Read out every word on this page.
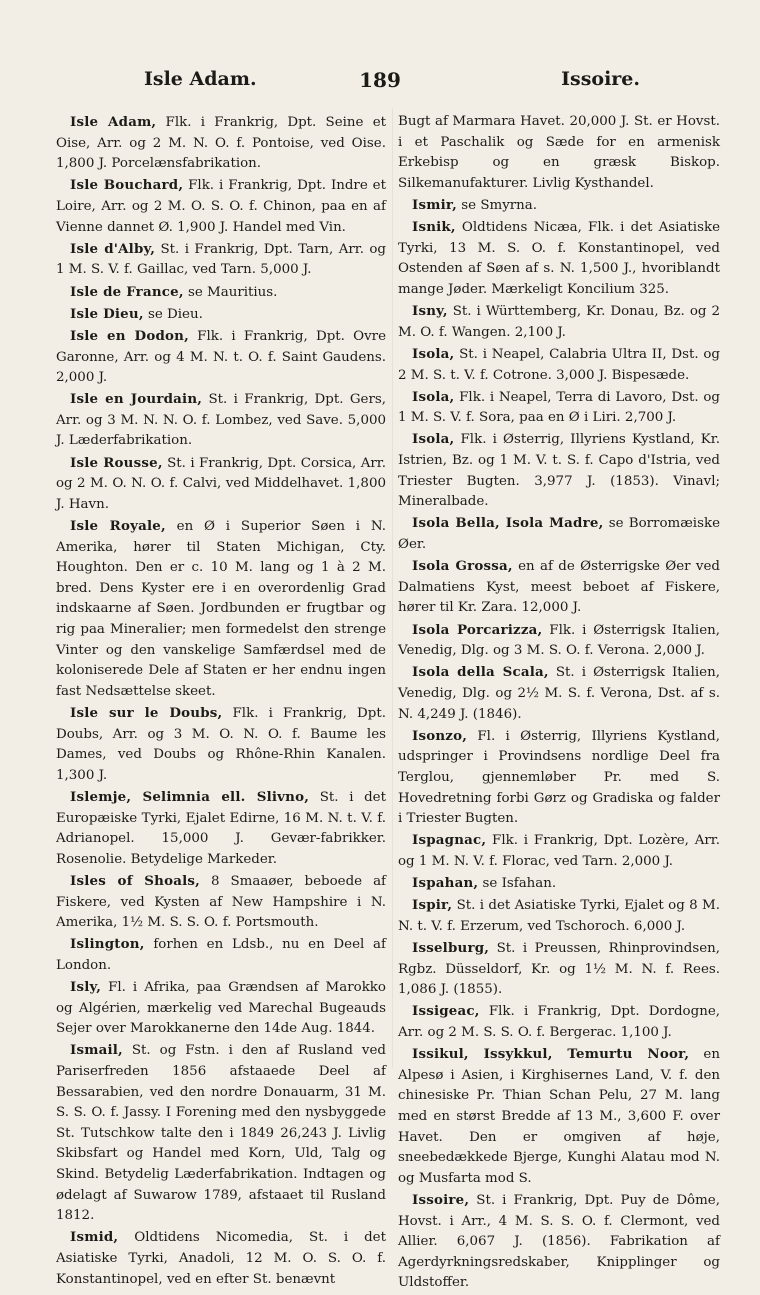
Isle Adam.	189	Issoire.

Isle Adam, Flk. i Frankrig, Dpt. Seine et Oise, Arr. og 2 M. N. O. f. Pontoise, ved Oise. 1,800 J. Porcelænsfabrikation.

Isle Bouchard, Flk. i Frankrig, Dpt. Indre et Loire, Arr. og 2 M. O. S. O. f. Chinon, paa en af Vienne dannet Ø. 1,900 J. Handel med Vin.

Isle d'Alby, St. i Frankrig, Dpt. Tarn, Arr. og 1 M. S. V. f. Gaillac, ved Tarn. 5,000 J.

Isle de France, se Mauritius.

Isle Dieu, se Dieu.

Isle en Dodon, Flk. i Frankrig, Dpt. Ovre Garonne, Arr. og 4 M. N. t. O. f. Saint Gaudens. 2,000 J.

Isle en Jourdain, St. i Frankrig, Dpt. Gers, Arr. og 3 M. N. N. O. f. Lombez, ved Save. 5,000 J. Læderfabrikation.

Isle Rousse, St. i Frankrig, Dpt. Corsica, Arr. og 2 M. O. N. O. f. Calvi, ved Middelhavet. 1,800 J. Havn.

Isle Royale, en Ø i Superior Søen i N. Amerika, hører til Staten Michigan, Cty. Houghton. Den er c. 10 M. lang og 1 à 2 M. bred. Dens Kyster ere i en overordenlig Grad indskaarne af Søen. Jordbunden er frugtbar og rig paa Mineralier; men formedelst den strenge Vinter og den vanskelige Samfærdsel med de koloniserede Dele af Staten er her endnu ingen fast Nedsættelse skeet.

Isle sur le Doubs, Flk. i Frankrig, Dpt. Doubs, Arr. og 3 M. O. N. O. f. Baume les Dames, ved Doubs og Rhône-Rhin Kanalen. 1,300 J.

Islemje, Selimnia ell. Slivno, St. i det Europæiske Tyrki, Ejalet Edirne, 16 M. N. t. V. f. Adrianopel. 15,000 J. Gevær-fabrikker. Rosenolie. Betydelige Markeder.

Isles of Shoals, 8 Smaaøer, beboede af Fiskere, ved Kysten af New Hampshire i N. Amerika, 1½ M. S. S. O. f. Portsmouth.

Islington, forhen en Ldsb., nu en Deel af London.

Isly, Fl. i Afrika, paa Grændsen af Marokko og Algérien, mærkelig ved Marechal Bugeauds Sejer over Marokkanerne den 14de Aug. 1844.

Ismail, St. og Fstn. i den af Rusland ved Pariserfreden 1856 afstaaede Deel af Bessarabien, ved den nordre Donauarm, 31 M. S. S. O. f. Jassy. I Forening med den nysbyggede St. Tutschkow talte den i 1849 26,243 J. Livlig Skibsfart og Handel med Korn, Uld, Talg og Skind. Betydelig Læderfabrikation. Indtagen og ødelagt af Suwarow 1789, afstaaet til Rusland 1812.

Ismid, Oldtidens Nicomedia, St. i det Asiatiske Tyrki, Anadoli, 12 M. O. S. O. f. Konstantinopel, ved en efter St. benævnt

Bugt af Marmara Havet. 20,000 J. St. er Hovst. i et Paschalik og Sæde for en armenisk Erkebisp og en græsk Biskop. Silkemanufakturer. Livlig Kysthandel.

Ismir, se Smyrna.

Isnik, Oldtidens Nicæa, Flk. i det Asiatiske Tyrki, 13 M. S. O. f. Konstantinopel, ved Ostenden af Søen af s. N. 1,500 J., hvoriblandt mange Jøder. Mærkeligt Koncilium 325.

Isny, St. i Württemberg, Kr. Donau, Bz. og 2 M. O. f. Wangen. 2,100 J.

Isola, St. i Neapel, Calabria Ultra II, Dst. og 2 M. S. t. V. f. Cotrone. 3,000 J. Bispesæde.

Isola, Flk. i Neapel, Terra di Lavoro, Dst. og 1 M. S. V. f. Sora, paa en Ø i Liri. 2,700 J.

Isola, Flk. i Østerrig, Illyriens Kystland, Kr. Istrien, Bz. og 1 M. V. t. S. f. Capo d'Istria, ved Triester Bugten. 3,977 J. (1853). Vinavl; Mineralbade.

Isola Bella, Isola Madre, se Borromæiske Øer.

Isola Grossa, en af de Østerrigske Øer ved Dalmatiens Kyst, meest beboet af Fiskere, hører til Kr. Zara. 12,000 J.

Isola Porcarizza, Flk. i Østerrigsk Italien, Venedig, Dlg. og 3 M. S. O. f. Verona. 2,000 J.

Isola della Scala, St. i Østerrigsk Italien, Venedig, Dlg. og 2½ M. S. f. Verona, Dst. af s. N. 4,249 J. (1846).

Isonzo, Fl. i Østerrig, Illyriens Kystland, udspringer i Provindsens nordlige Deel fra Terglou, gjennemløber Pr. med S. Hovedretning forbi Gørz og Gradiska og falder i Triester Bugten.

Ispagnac, Flk. i Frankrig, Dpt. Lozère, Arr. og 1 M. N. V. f. Florac, ved Tarn. 2,000 J.

Ispahan, se Isfahan.

Ispir, St. i det Asiatiske Tyrki, Ejalet og 8 M. N. t. V. f. Erzerum, ved Tschoroch. 6,000 J.

Isselburg, St. i Preussen, Rhinprovindsen, Rgbz. Düsseldorf, Kr. og 1½ M. N. f. Rees. 1,086 J. (1855).

Issigeac, Flk. i Frankrig, Dpt. Dordogne, Arr. og 2 M. S. S. O. f. Bergerac. 1,100 J.

Issikul, Issykkul, Temurtu Noor, en Alpesø i Asien, i Kirghisernes Land, V. f. den chinesiske Pr. Thian Schan Pelu, 27 M. lang med en størst Bredde af 13 M., 3,600 F. over Havet. Den er omgiven af høje, sneebedækkede Bjerge, Kunghi Alatau mod N. og Musfarta mod S.

Issoire, St. i Frankrig, Dpt. Puy de Dôme, Hovst. i Arr., 4 M. S. S. O. f. Clermont, ved Allier. 6,067 J. (1856). Fabrikation af Agerdyrkningsredskaber, Knipplinger og Uldstoffer.
